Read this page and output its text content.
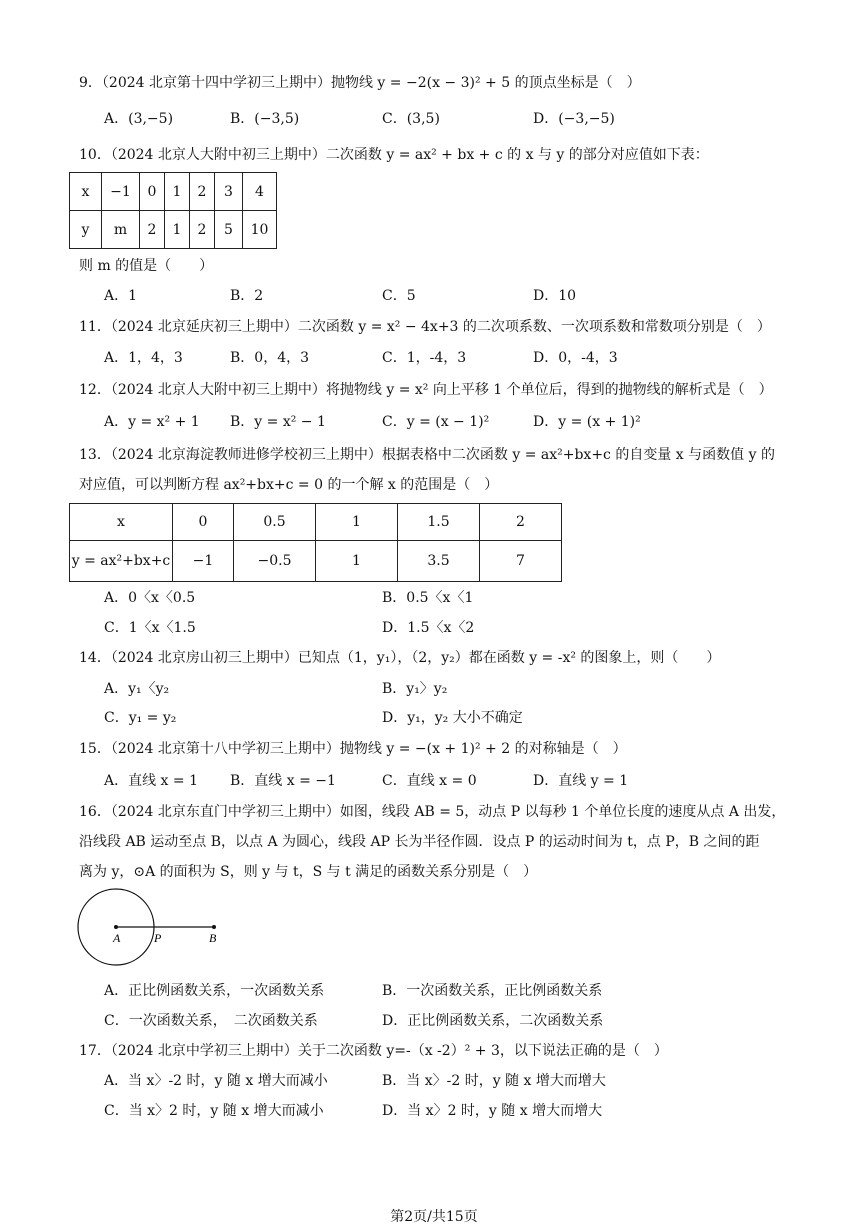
9．（2024 北京第十四中学初三上期中）抛物线 y = −2(x − 3)² + 5 的顶点坐标是（　）
A．(3,−5)	B．(−3,5)	C．(3,5)	D．(−3,−5)
10．（2024 北京人大附中初三上期中）二次函数 y = ax² + bx + c 的 x 与 y 的部分对应值如下表：
x	−1	0	1	2	3	4
y	m	2	1	2	5	10
则 m 的值是（　　）
A．1	B．2	C．5	D．10
11．（2024 北京延庆初三上期中）二次函数 y = x² − 4x+3 的二次项系数、一次项系数和常数项分别是（　）
A．1，4，3	B．0，4，3	C．1，-4，3	D．0，-4，3
12．（2024 北京人大附中初三上期中）将抛物线 y = x² 向上平移 1 个单位后，得到的抛物线的解析式是（　）
A．y = x² + 1 B．y = x² − 1	C．y = (x − 1)²	D．y = (x + 1)²
13．（2024 北京海淀教师进修学校初三上期中）根据表格中二次函数 y = ax²+bx+c 的自变量 x 与函数值 y 的
对应值，可以判断方程 ax²+bx+c = 0 的一个解 x 的范围是（　）
x	0	0.5	1	1.5	2
y = ax²+bx+c	−1	−0.5	1	3.5	7
A．0〈x〈0.5	B．0.5〈x〈1
C．1〈x〈1.5	D．1.5〈x〈2
14．（2024 北京房山初三上期中）已知点（1，y₁），（2，y₂）都在函数 y = -x² 的图象上，则（　　）
A．y₁〈y₂	B．y₁〉y₂
C．y₁ = y₂	D．y₁，y₂ 大小不确定
15．（2024 北京第十八中学初三上期中）抛物线 y = −(x + 1)² + 2 的对称轴是（　）
A．直线 x = 1 B．直线 x = −1	C．直线 x = 0	D．直线 y = 1
16．（2024 北京东直门中学初三上期中）如图，线段 AB = 5，动点 P 以每秒 1 个单位长度的速度从点 A 出发，
沿线段 AB 运动至点 B，以点 A 为圆心，线段 AP 长为半径作圆．设点 P 的运动时间为 t，点 P，B 之间的距
离为 y，⊙A 的面积为 S，则 y 与 t，S 与 t 满足的函数关系分别是（　）
A	P	B
A．正比例函数关系，一次函数关系	B．一次函数关系，正比例函数关系
C．一次函数关系，　二次函数关系	D．正比例函数关系，二次函数关系
17．（2024 北京中学初三上期中）关于二次函数 y=-（x -2）² + 3，以下说法正确的是（　）
A．当 x〉-2 时，y 随 x 增大而减小	B．当 x〉-2 时，y 随 x 增大而增大
C．当 x〉2 时，y 随 x 增大而减小	D．当 x〉2 时，y 随 x 增大而增大
第2页/共15页
